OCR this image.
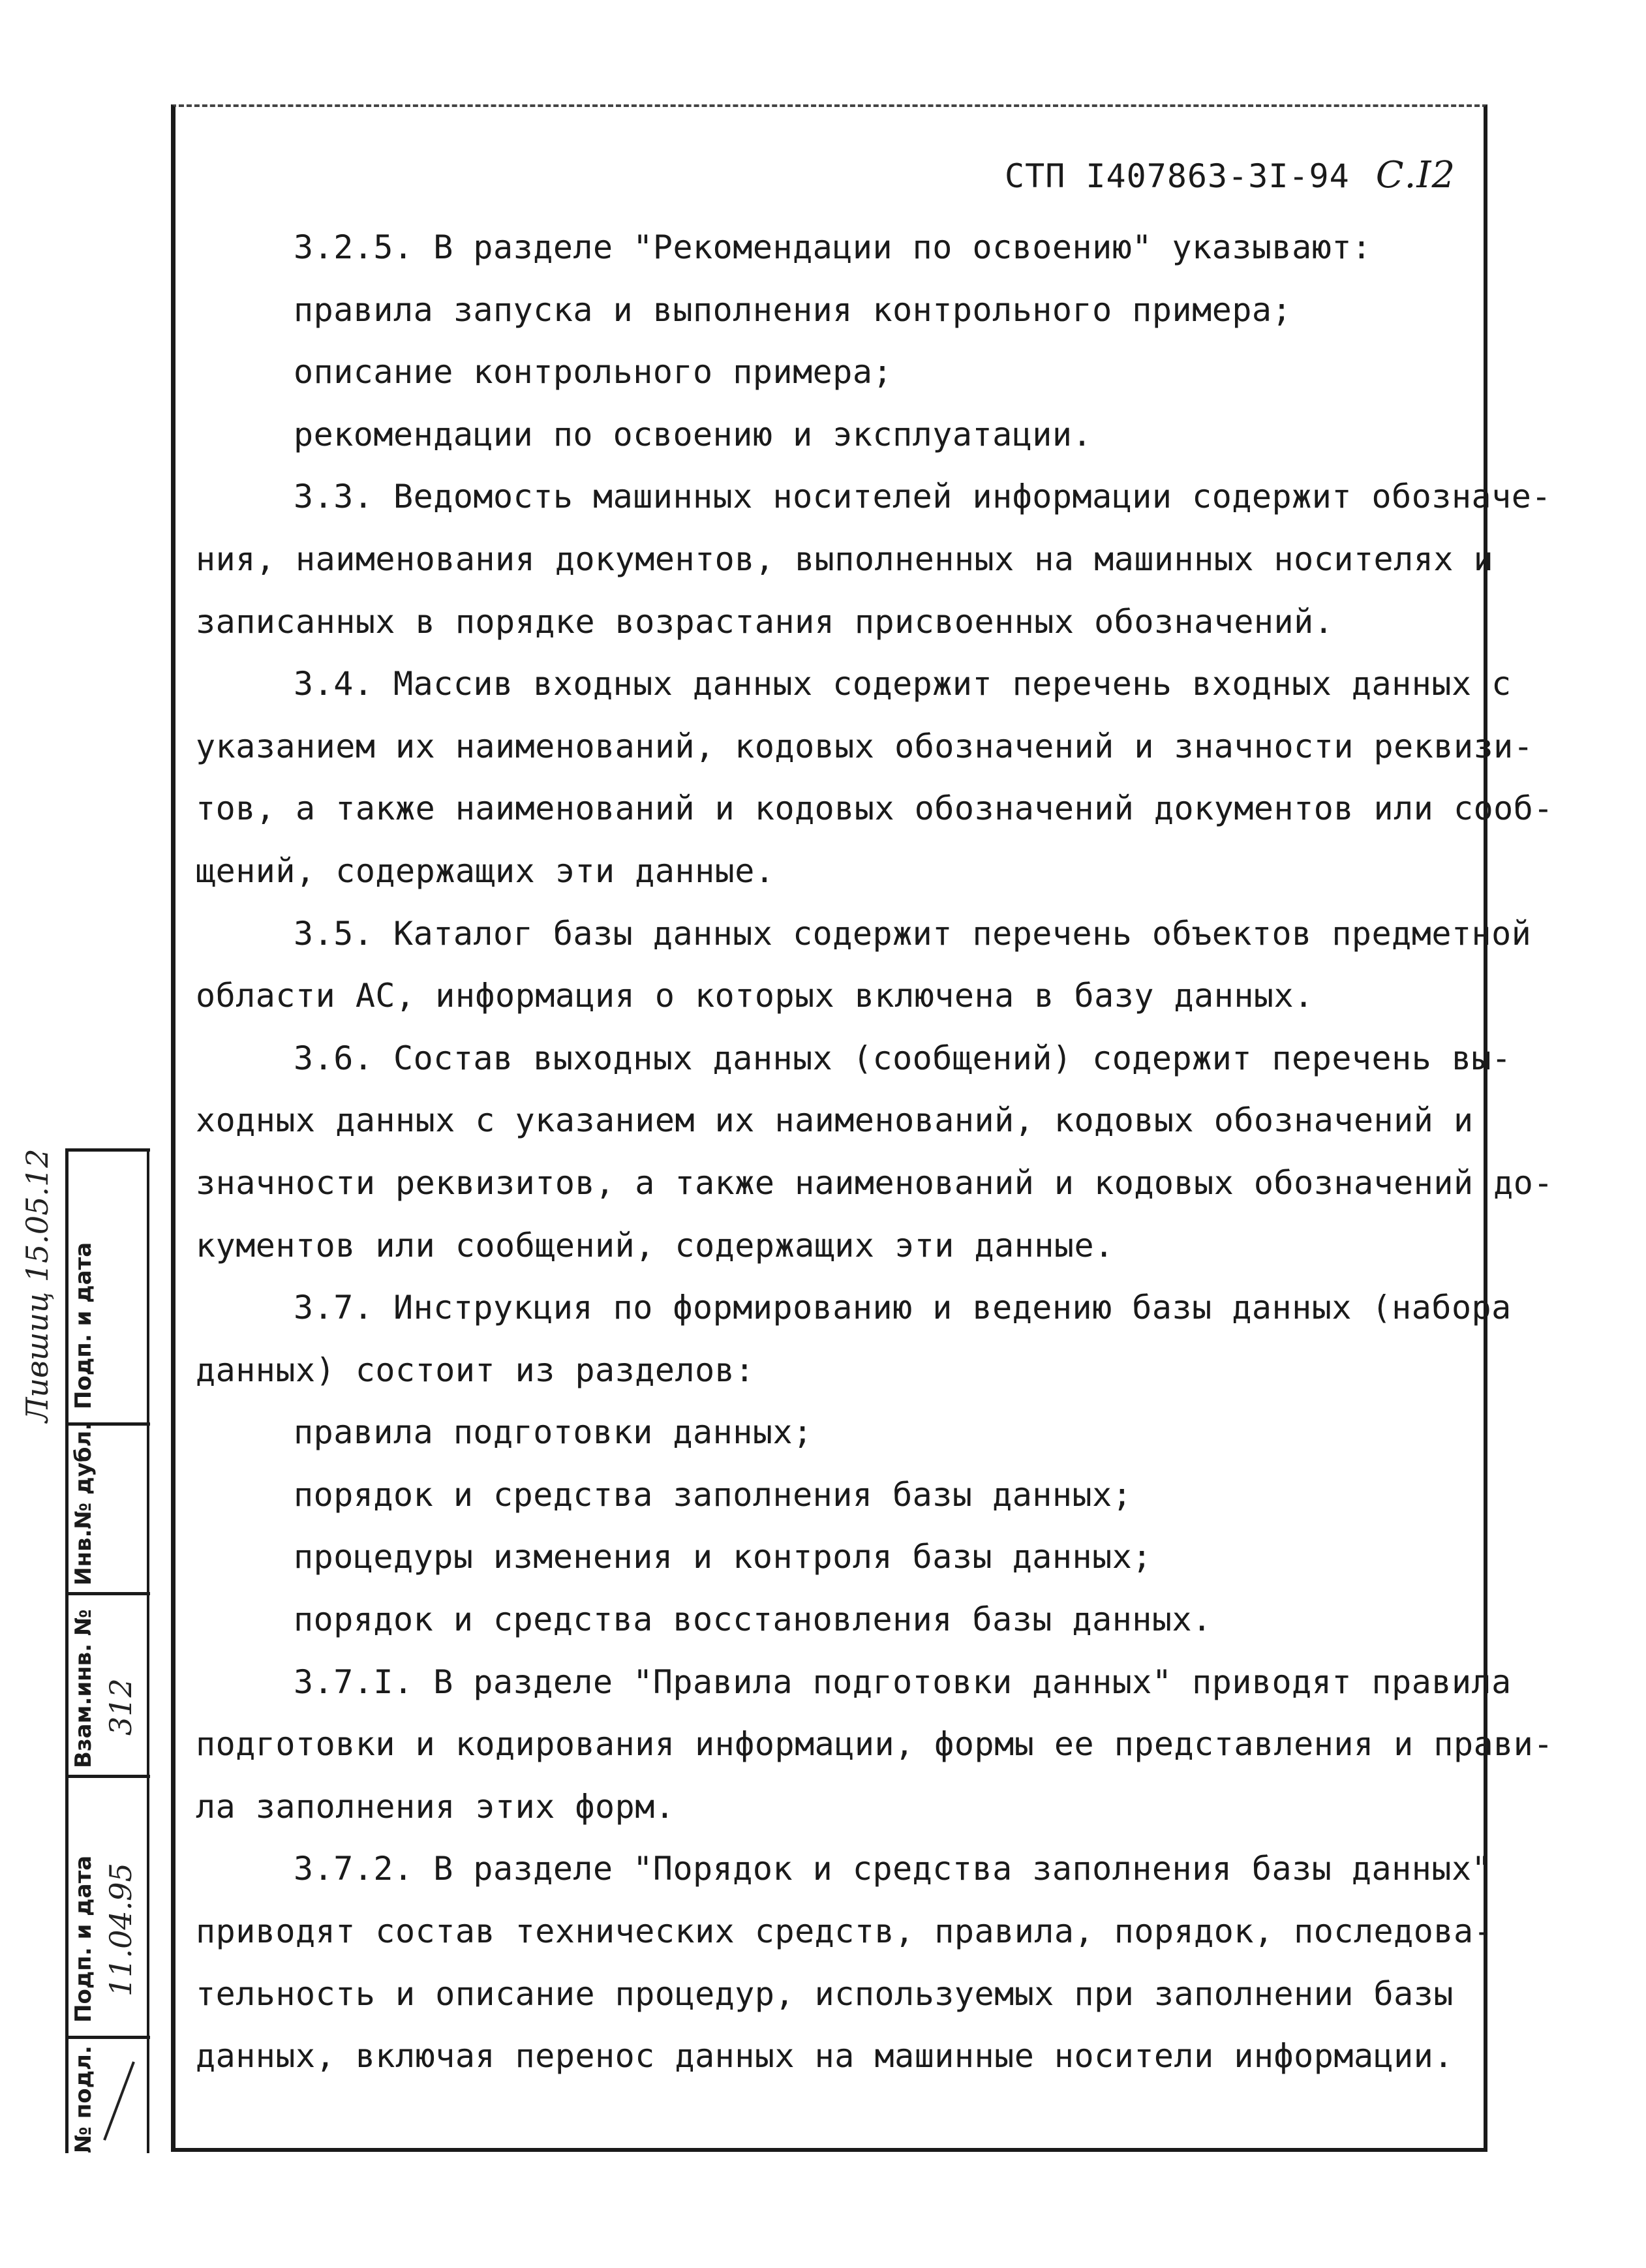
СТП I407863-3I-94 С.I2
3.2.5. В разделе "Рекомендации по освоению" указывают:
правила запуска и выполнения контрольного примера;
описание контрольного примера;
рекомендации по освоению и эксплуатации.
3.3. Ведомость машинных носителей информации содержит обозначе-
ния, наименования документов, выполненных на машинных носителях и
записанных в порядке возрастания присвоенных обозначений.
3.4. Массив входных данных содержит перечень входных данных с
указанием их наименований, кодовых обозначений и значности реквизи-
тов, а также наименований и кодовых обозначений документов или сооб-
щений, содержащих эти данные.
3.5. Каталог базы данных содержит перечень объектов предметной
области АС, информация о которых включена в базу данных.
3.6. Состав выходных данных (сообщений) содержит перечень вы-
ходных данных с указанием их наименований, кодовых обозначений и
значности реквизитов, а также наименований и кодовых обозначений до-
кументов или сообщений, содержащих эти данные.
3.7. Инструкция по формированию и ведению базы данных (набора
данных) состоит из разделов:
правила подготовки данных;
порядок и средства заполнения базы данных;
процедуры изменения и контроля базы данных;
порядок и средства восстановления базы данных.
3.7.I. В разделе "Правила подготовки данных" приводят правила
подготовки и кодирования информации, формы ее представления и прави-
ла заполнения этих форм.
3.7.2. В разделе "Порядок и средства заполнения базы данных"
приводят состав технических средств, правила, порядок, последова-
тельность и описание процедур, используемых при заполнении базы
данных, включая перенос данных на машинные носители информации.
Подп. и дата
Инв.№ дубл.
Взам.инв. №
Подп. и дата
№ подл.
Лившиц 15.05.12
312
11.04.95
